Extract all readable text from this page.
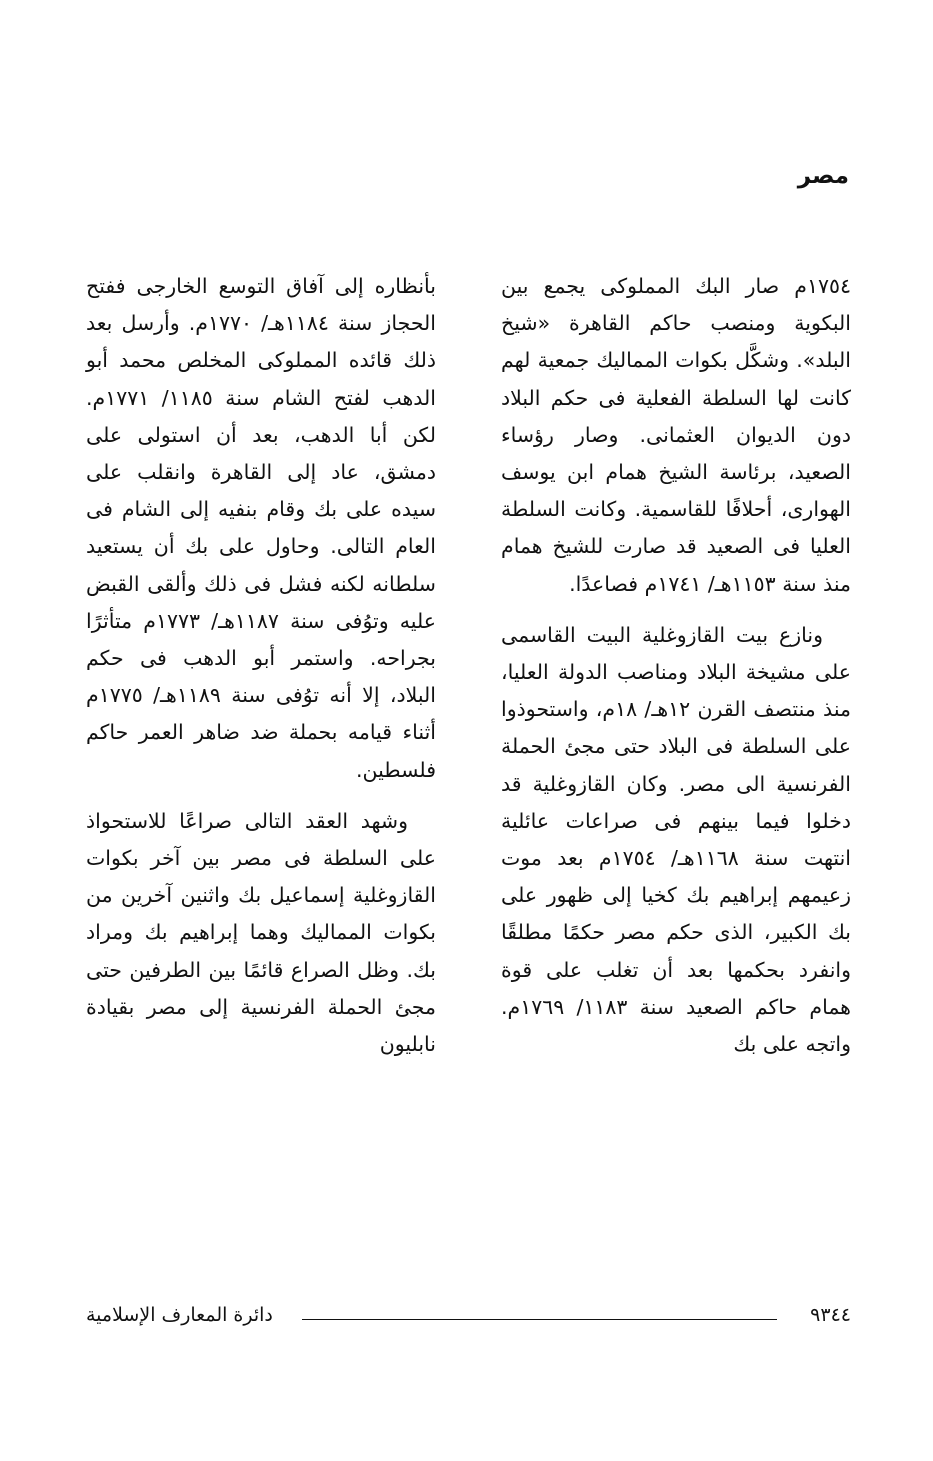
مصر

١٧٥٤م صار البك المملوكى يجمع بين البكوية ومنصب حاكم القاهرة «شيخ البلد». وشكَّل بكوات المماليك جمعية لهم كانت لها السلطة الفعلية فى حكم البلاد دون الديوان العثمانى. وصار رؤساء الصعيد، برئاسة الشيخ همام ابن يوسف الهوارى، أحلافًا للقاسمية. وكانت السلطة العليا فى الصعيد قد صارت للشيخ همام منذ سنة ١١٥٣هـ/ ١٧٤١م فصاعدًا.

ونازع بيت القازوغلية البيت القاسمى على مشيخة البلاد ومناصب الدولة العليا، منذ منتصف القرن ١٢هـ/ ١٨م، واستحوذوا على السلطة فى البلاد حتى مجئ الحملة الفرنسية الى مصر. وكان القازوغلية قد دخلوا فيما بينهم فى صراعات عائلية انتهت سنة ١١٦٨هـ/ ١٧٥٤م بعد موت زعيمهم إبراهيم بك كخيا إلى ظهور على بك الكبير، الذى حكم مصر حكمًا مطلقًا وانفرد بحكمها بعد أن تغلب على قوة همام حاكم الصعيد سنة ١١٨٣/ ١٧٦٩م. واتجه على بك

بأنظاره إلى آفاق التوسع الخارجى ففتح الحجاز سنة ١١٨٤هـ/ ١٧٧٠م. وأرسل بعد ذلك قائده المملوكى المخلص محمد أبو الدهب لفتح الشام سنة ١١٨٥/ ١٧٧١م. لكن أبا الدهب، بعد أن استولى على دمشق، عاد إلى القاهرة وانقلب على سيده على بك وقام بنفيه إلى الشام فى العام التالى. وحاول على بك أن يستعيد سلطانه لكنه فشل فى ذلك وألقى القبض عليه وتوُفى سنة ١١٨٧هـ/ ١٧٧٣م متأثرًا بجراحه. واستمر أبو الدهب فى حكم البلاد، إلا أنه توُفى سنة ١١٨٩هـ/ ١٧٧٥م أثناء قيامه بحملة ضد ضاهر العمر حاكم فلسطين.

وشهد العقد التالى صراعًا للاستحواذ على السلطة فى مصر بين آخر بكوات القازوغلية إسماعيل بك واثنين آخرين من بكوات المماليك وهما إبراهيم بك ومراد بك. وظل الصراع قائمًا بين الطرفين حتى مجئ الحملة الفرنسية إلى مصر بقيادة نابليون

٩٣٤٤
دائرة المعارف الإسلامية
